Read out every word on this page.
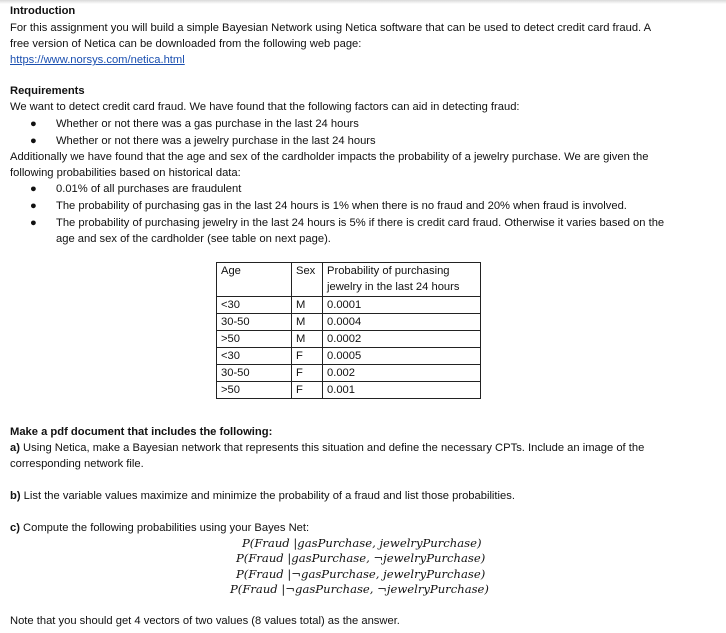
Introduction
For this assignment you will build a simple Bayesian Network using Netica software that can be used to detect credit card fraud. A
free version of Netica can be downloaded from the following web page:
https://www.norsys.com/netica.html
Requirements
We want to detect credit card fraud. We have found that the following factors can aid in detecting fraud:
●	Whether or not there was a gas purchase in the last 24 hours
●	Whether or not there was a jewelry purchase in the last 24 hours
Additionally we have found that the age and sex of the cardholder impacts the probability of a jewelry purchase. We are given the
following probabilities based on historical data:
●	0.01% of all purchases are fraudulent
●	The probability of purchasing gas in the last 24 hours is 1% when there is no fraud and 20% when fraud is involved.
●	The probability of purchasing jewelry in the last 24 hours is 5% if there is credit card fraud. Otherwise it varies based on the
age and sex of the cardholder (see table on next page).
Age	Sex	Probability of purchasing
jewelry in the last 24 hours

<30	M	0.0001
30-50	M	0.0004
>50	M	0.0002
<30	F	0.0005
30-50	F	0.002
>50	F	0.001
Make a pdf document that includes the following:
a) Using Netica, make a Bayesian network that represents this situation and define the necessary CPTs. Include an image of the
corresponding network file.
b) List the variable values maximize and minimize the probability of a fraud and list those probabilities.
c) Compute the following probabilities using your Bayes Net:
P(Fraud |gasPurchase, jewelryPurchase)
P(Fraud |gasPurchase, ¬jewelryPurchase)
P(Fraud |¬gasPurchase, jewelryPurchase)
P(Fraud |¬gasPurchase, ¬jewelryPurchase)
Note that you should get 4 vectors of two values (8 values total) as the answer.
